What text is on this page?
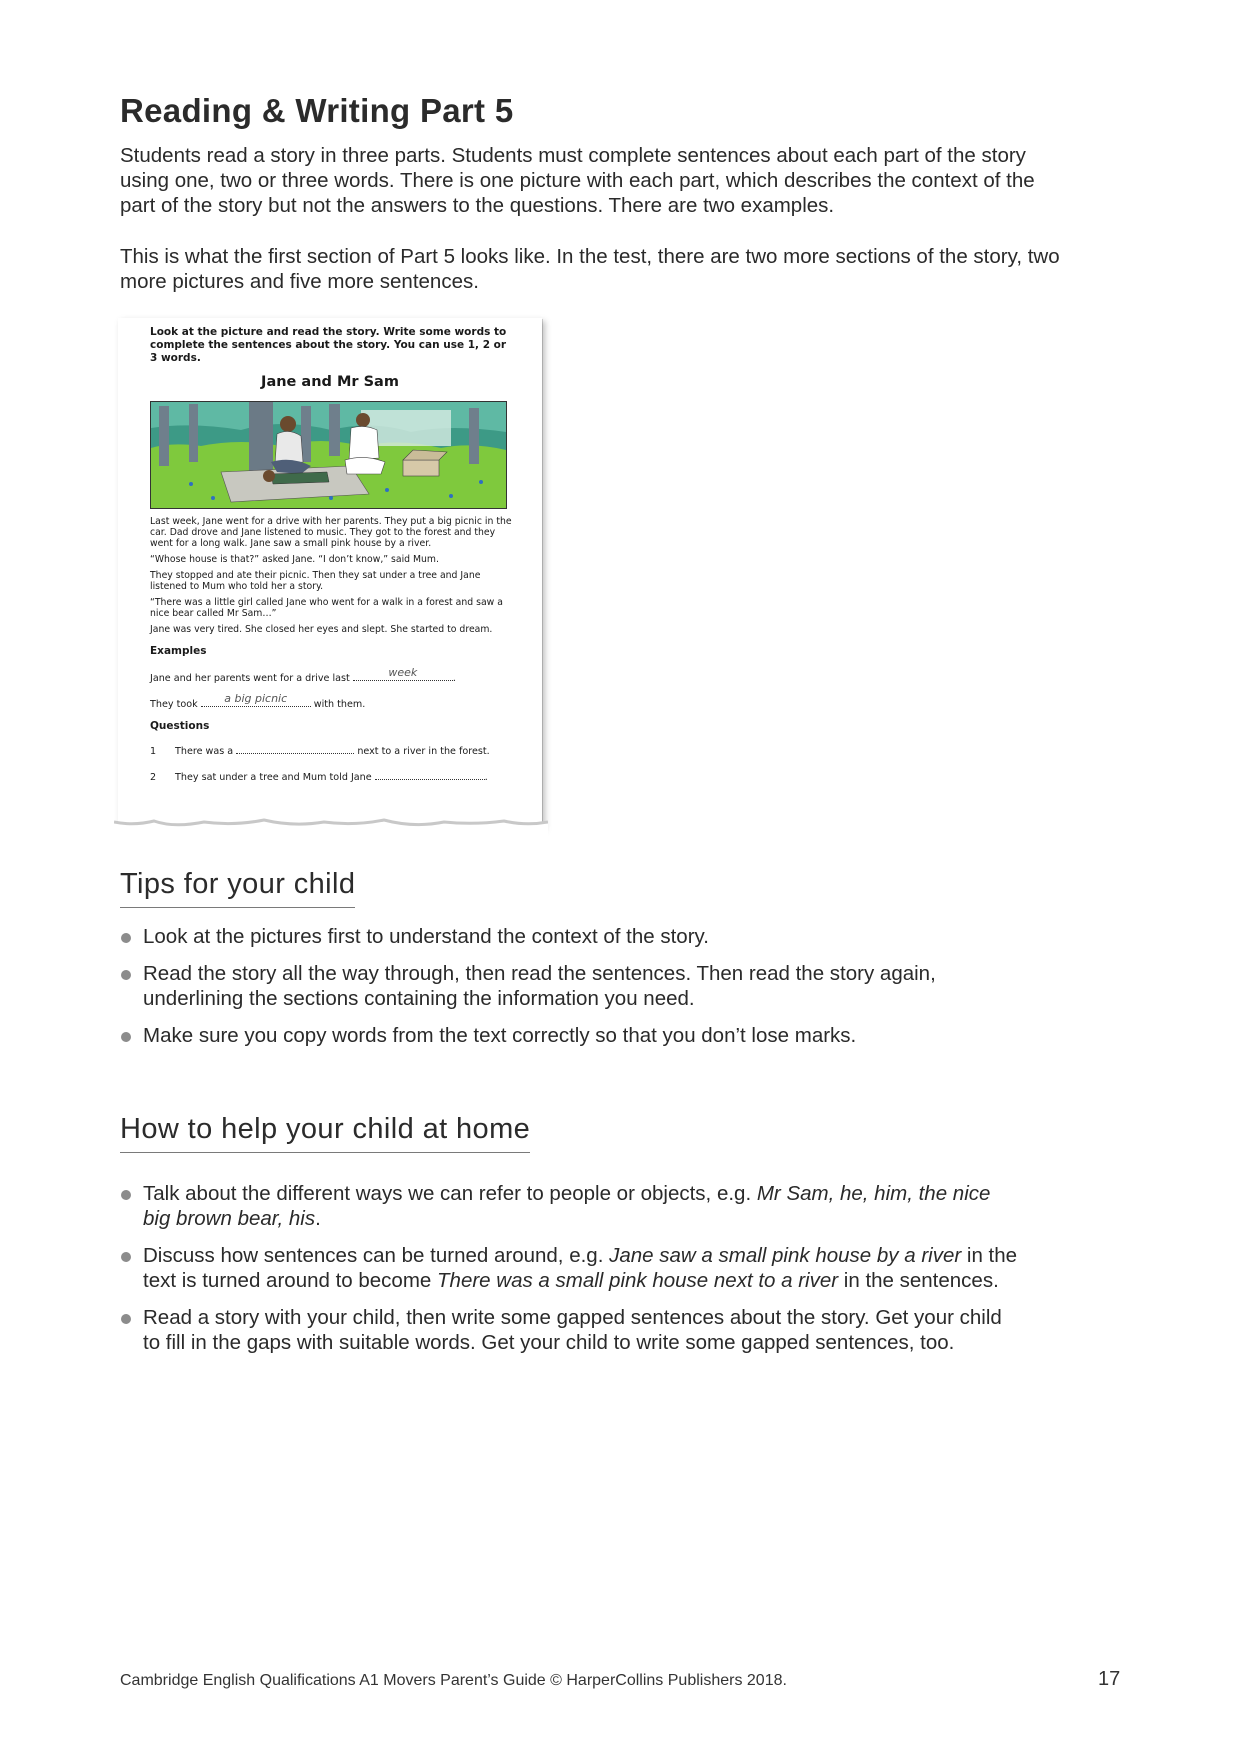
Reading & Writing Part 5

Students read a story in three parts. Students must complete sentences about each part of the story using one, two or three words. There is one picture with each part, which describes the context of the part of the story but not the answers to the questions. There are two examples.

This is what the first section of Part 5 looks like. In the test, there are two more sections of the story, two more pictures and five more sentences.

Look at the picture and read the story. Write some words to complete the sentences about the story. You can use 1, 2 or 3 words.

Jane and Mr Sam

Last week, Jane went for a drive with her parents. They put a big picnic in the car. Dad drove and Jane listened to music. They got to the forest and they went for a long walk. Jane saw a small pink house by a river.

“Whose house is that?” asked Jane. “I don’t know,” said Mum.

They stopped and ate their picnic. Then they sat under a tree and Jane listened to Mum who told her a story.

“There was a little girl called Jane who went for a walk in a forest and saw a nice bear called Mr Sam…”

Jane was very tired. She closed her eyes and slept. She started to dream.

Examples

Jane and her parents went for a drive last	week	.
They took	a big picnic	with them.

Questions

1 There was a	next to a river in the forest.
2 They sat under a tree and Mum told Jane	.
Tips for your child
Look at the pictures first to understand the context of the story.
Read the story all the way through, then read the sentences. Then read the story again, underlining the sections containing the information you need.
Make sure you copy words from the text correctly so that you don’t lose marks.
How to help your child at home
Talk about the different ways we can refer to people or objects, e.g. Mr Sam, he, him, the nice big brown bear, his.
Discuss how sentences can be turned around, e.g. Jane saw a small pink house by a river in the text is turned around to become There was a small pink house next to a river in the sentences.
Read a story with your child, then write some gapped sentences about the story. Get your child to fill in the gaps with suitable words. Get your child to write some gapped sentences, too.
Cambridge English Qualifications A1 Movers Parent’s Guide © HarperCollins Publishers 2018.	17
